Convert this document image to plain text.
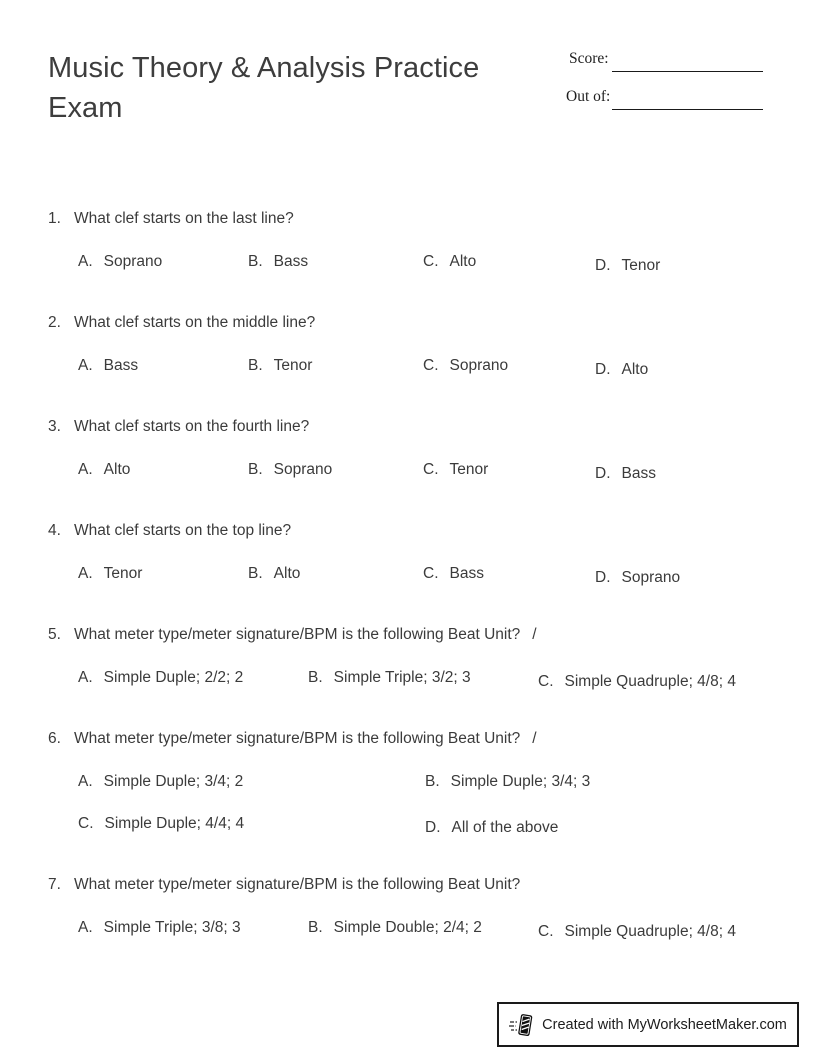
Music Theory & Analysis Practice Exam
Score:
Out of:
1. What clef starts on the last line?
A. Soprano	B. Bass	C. Alto	D. Tenor
2. What clef starts on the middle line?
A. Bass	B. Tenor	C. Soprano	D. Alto
3. What clef starts on the fourth line?
A. Alto	B. Soprano	C. Tenor	D. Bass
4. What clef starts on the top line?
A. Tenor	B. Alto	C. Bass	D. Soprano
5. What meter type/meter signature/BPM is the following Beat Unit? /
A. Simple Duple; 2/2; 2	B. Simple Triple; 3/2; 3	C. Simple Quadruple; 4/8; 4
6. What meter type/meter signature/BPM is the following Beat Unit? /
A. Simple Duple; 3/4; 2	B. Simple Duple; 3/4; 3
C. Simple Duple; 4/4; 4	D. All of the above
7. What meter type/meter signature/BPM is the following Beat Unit?
A. Simple Triple; 3/8; 3	B. Simple Double; 2/4; 2	C. Simple Quadruple; 4/8; 4
Created with MyWorksheetMaker.com
